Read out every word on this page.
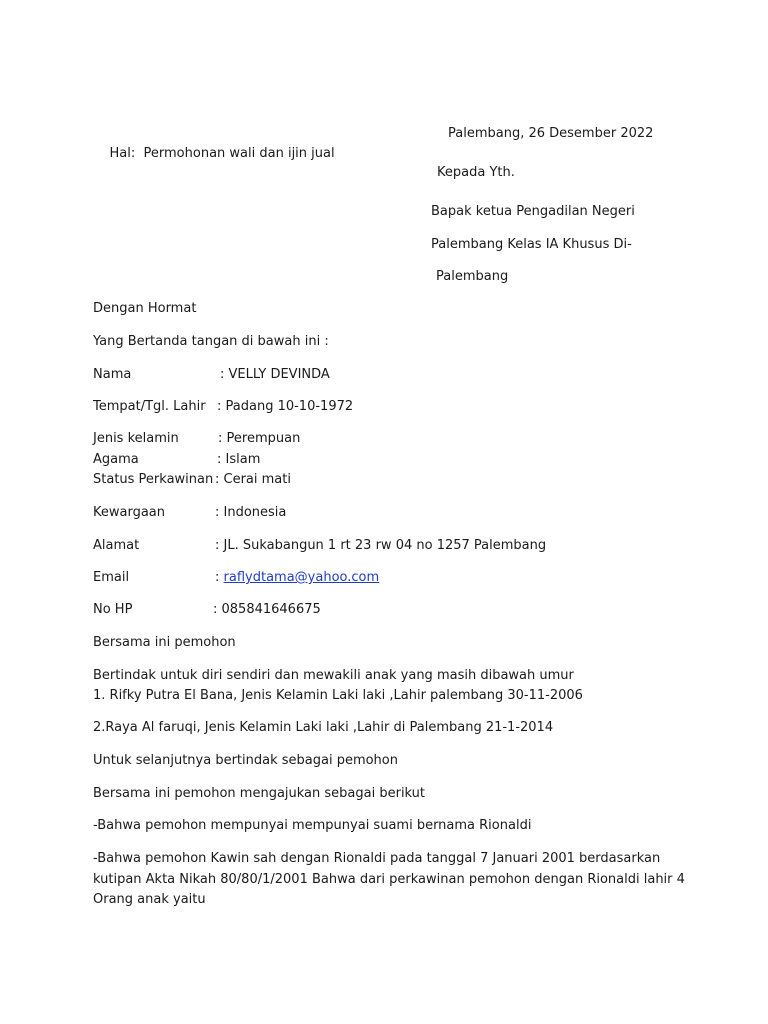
Hal: Permohonan wali dan ijin jual

Palembang, 26 Desember 2022
Kepada Yth.
Bapak ketua Pengadilan Negeri
Palembang Kelas IA Khusus Di-
Palembang
Dengan Hormat
Yang Bertanda tangan di bawah ini :
Nama	: VELLY DEVINDA
Tempat/Tgl. Lahir : Padang 10-10-1972
Jenis kelamin	: Perempuan
Agama	: Islam
Status Perkawinan : Cerai mati
Kewargaan	: Indonesia
Alamat	: JL. Sukabangun 1 rt 23 rw 04 no 1257 Palembang
Email	: raflydtama@yahoo.com
No HP	: 085841646675
Bersama ini pemohon
Bertindak untuk diri sendiri dan mewakili anak yang masih dibawah umur
1. Rifky Putra El Bana, Jenis Kelamin Laki laki ,Lahir palembang 30-11-2006
2.Raya Al faruqi, Jenis Kelamin Laki laki ,Lahir di Palembang 21-1-2014
Untuk selanjutnya bertindak sebagai pemohon
Bersama ini pemohon mengajukan sebagai berikut
-Bahwa pemohon mempunyai mempunyai suami bernama Rionaldi
-Bahwa pemohon Kawin sah dengan Rionaldi pada tanggal 7 Januari 2001 berdasarkan
kutipan Akta Nikah 80/80/1/2001 Bahwa dari perkawinan pemohon dengan Rionaldi lahir 4
Orang anak yaitu
